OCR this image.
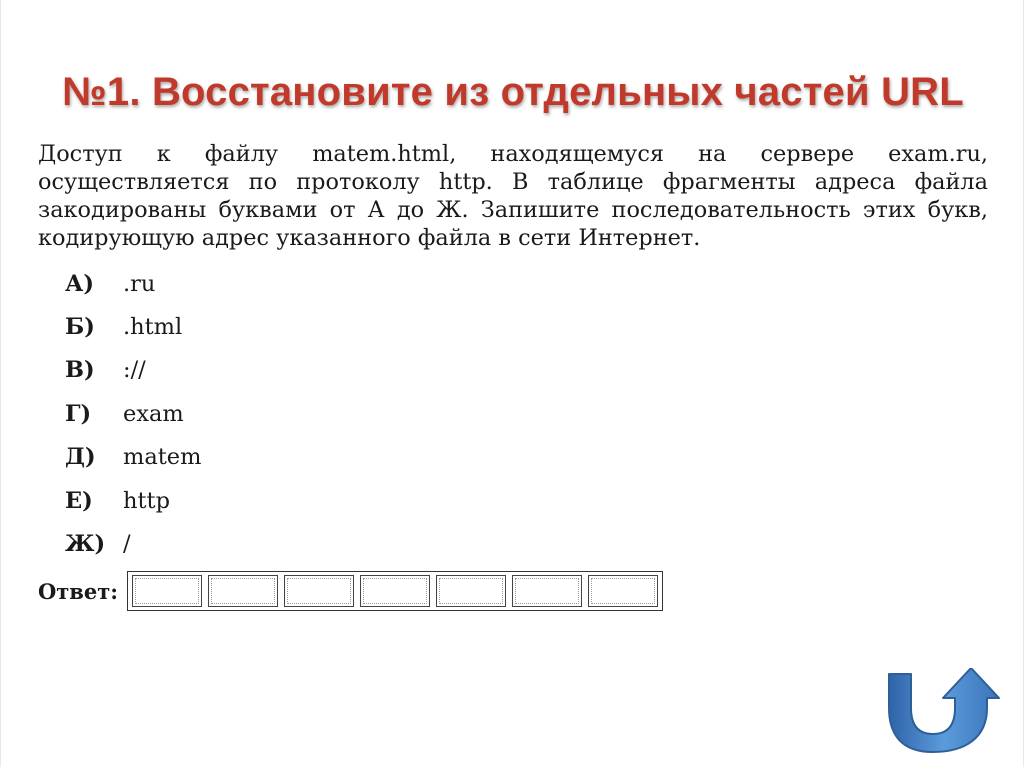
№1. Восстановите из отдельных частей URL
Доступ к файлу matem.html, находящемуся на сервере exam.ru, осуществляется по протоколу http. В таблице фрагменты адреса файла закодированы буквами от А до Ж. Запишите последовательность этих букв, кодирующую адрес указанного файла в сети Интернет.
А)	.ru
Б)	.html
В)	://
Г)	exam
Д)	matem
Е)	http
Ж) /
Ответ:
